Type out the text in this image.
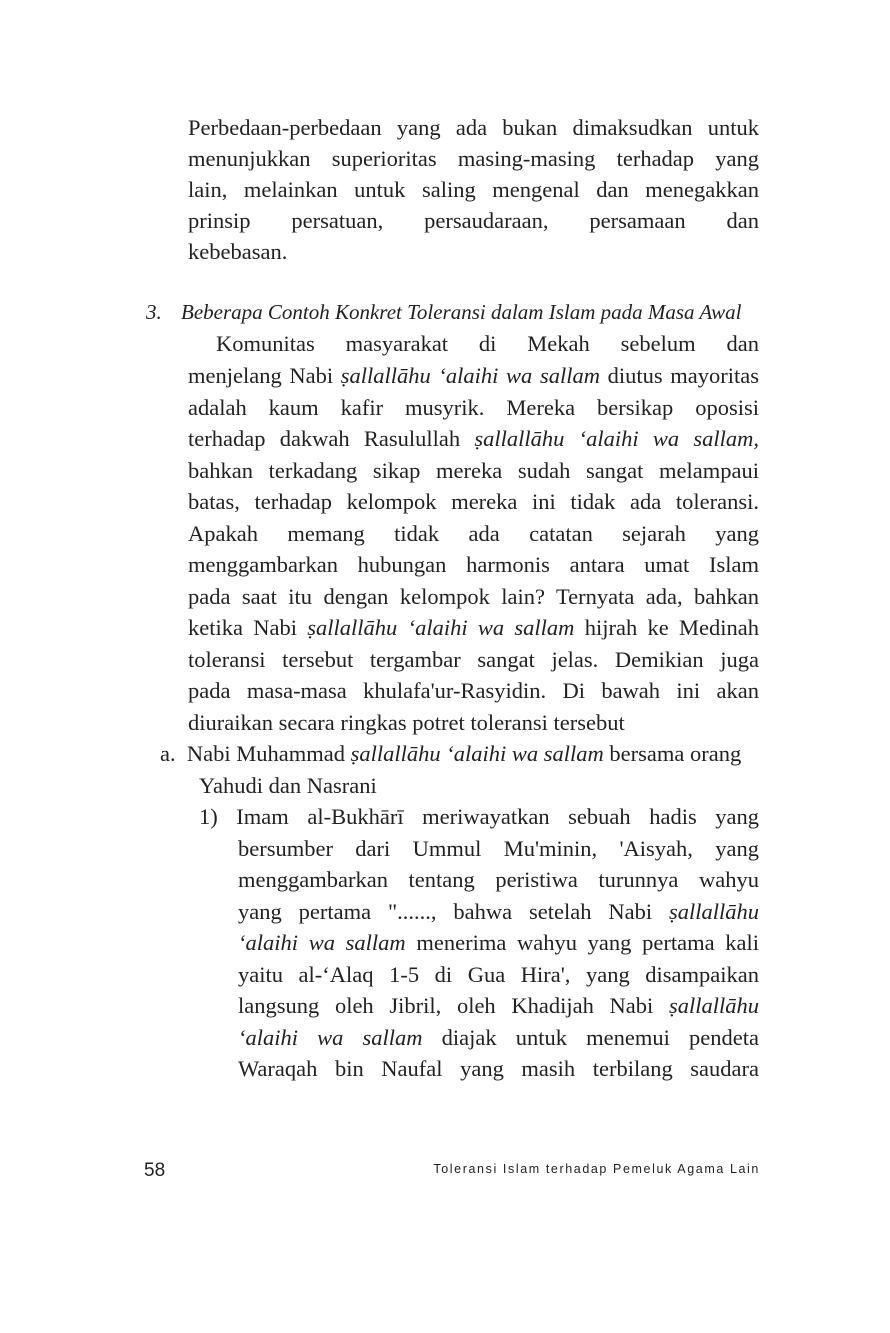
Perbedaan-perbedaan yang ada bukan dimaksudkan untuk
menunjukkan superioritas masing-masing terhadap yang
lain, melainkan untuk saling mengenal dan menegakkan
prinsip persatuan, persaudaraan, persamaan dan
kebebasan.
3. Beberapa Contoh Konkret Toleransi dalam Islam pada Masa Awal
Komunitas masyarakat di Mekah sebelum dan
menjelang Nabi ṣallallāhu ‘alaihi wa sallam diutus mayoritas
adalah kaum kafir musyrik. Mereka bersikap oposisi
terhadap dakwah Rasulullah ṣallallāhu ‘alaihi wa sallam,
bahkan terkadang sikap mereka sudah sangat melampaui
batas, terhadap kelompok mereka ini tidak ada toleransi.
Apakah memang tidak ada catatan sejarah yang
menggambarkan hubungan harmonis antara umat Islam
pada saat itu dengan kelompok lain? Ternyata ada, bahkan
ketika Nabi ṣallallāhu ‘alaihi wa sallam hijrah ke Medinah
toleransi tersebut tergambar sangat jelas. Demikian juga
pada masa-masa khulafa'ur-Rasyidin. Di bawah ini akan
diuraikan secara ringkas potret toleransi tersebut
a.  Nabi Muhammad ṣallallāhu ‘alaihi wa sallam bersama orang
Yahudi dan Nasrani
1) Imam al-Bukhārī meriwayatkan sebuah hadis yang
bersumber dari Ummul Mu'minin, 'Aisyah, yang
menggambarkan tentang peristiwa turunnya wahyu
yang pertama "......, bahwa setelah Nabi ṣallallāhu
‘alaihi wa sallam menerima wahyu yang pertama kali
yaitu al-‘Alaq 1-5 di Gua Hira', yang disampaikan
langsung oleh Jibril, oleh Khadijah Nabi ṣallallāhu
‘alaihi wa sallam diajak untuk menemui pendeta
Waraqah bin Naufal yang masih terbilang saudara
58	Toleransi Islam terhadap Pemeluk Agama Lain
